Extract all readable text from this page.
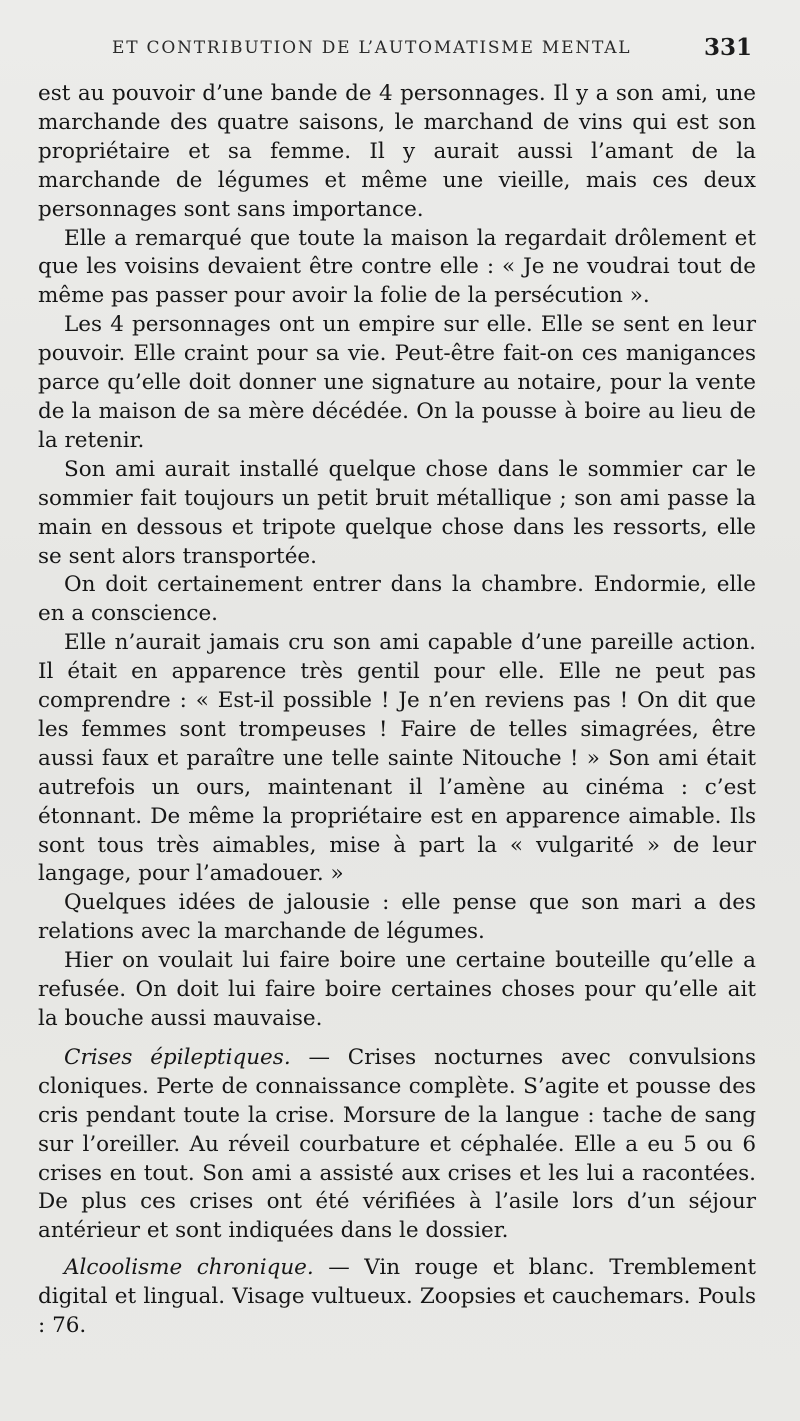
ET CONTRIBUTION DE L’AUTOMATISME MENTAL	331

est au pouvoir d’une bande de 4 personnages. Il y a son ami, une marchande des quatre saisons, le marchand de vins qui est son propriétaire et sa femme. Il y aurait aussi l’amant de la marchande de légumes et même une vieille, mais ces deux personnages sont sans importance.

Elle a remarqué que toute la maison la regardait drôlement et que les voisins devaient être contre elle : « Je ne voudrai tout de même pas passer pour avoir la folie de la persécution ».

Les 4 personnages ont un empire sur elle. Elle se sent en leur pouvoir. Elle craint pour sa vie. Peut-être fait-on ces manigances parce qu’elle doit donner une signature au notaire, pour la vente de la maison de sa mère décédée. On la pousse à boire au lieu de la retenir.

Son ami aurait installé quelque chose dans le sommier car le sommier fait toujours un petit bruit métallique ; son ami passe la main en dessous et tripote quelque chose dans les ressorts, elle se sent alors transportée.

On doit certainement entrer dans la chambre. Endormie, elle en a conscience.

Elle n’aurait jamais cru son ami capable d’une pareille action. Il était en apparence très gentil pour elle. Elle ne peut pas comprendre : « Est-il possible ! Je n’en reviens pas ! On dit que les femmes sont trompeuses ! Faire de telles simagrées, être aussi faux et paraître une telle sainte Nitouche ! » Son ami était autrefois un ours, maintenant il l’amène au cinéma : c’est étonnant. De même la propriétaire est en apparence aimable. Ils sont tous très aimables, mise à part la « vulgarité » de leur langage, pour l’amadouer. »

Quelques idées de jalousie : elle pense que son mari a des relations avec la marchande de légumes.

Hier on voulait lui faire boire une certaine bouteille qu’elle a refusée. On doit lui faire boire certaines choses pour qu’elle ait la bouche aussi mauvaise.

Crises épileptiques. — Crises nocturnes avec convulsions cloniques. Perte de connaissance complète. S’agite et pousse des cris pendant toute la crise. Morsure de la langue : tache de sang sur l’oreiller. Au réveil courbature et céphalée. Elle a eu 5 ou 6 crises en tout. Son ami a assisté aux crises et les lui a racontées. De plus ces crises ont été vérifiées à l’asile lors d’un séjour antérieur et sont indiquées dans le dossier.

Alcoolisme chronique. — Vin rouge et blanc. Tremblement digital et lingual. Visage vultueux. Zoopsies et cauchemars. Pouls : 76.
